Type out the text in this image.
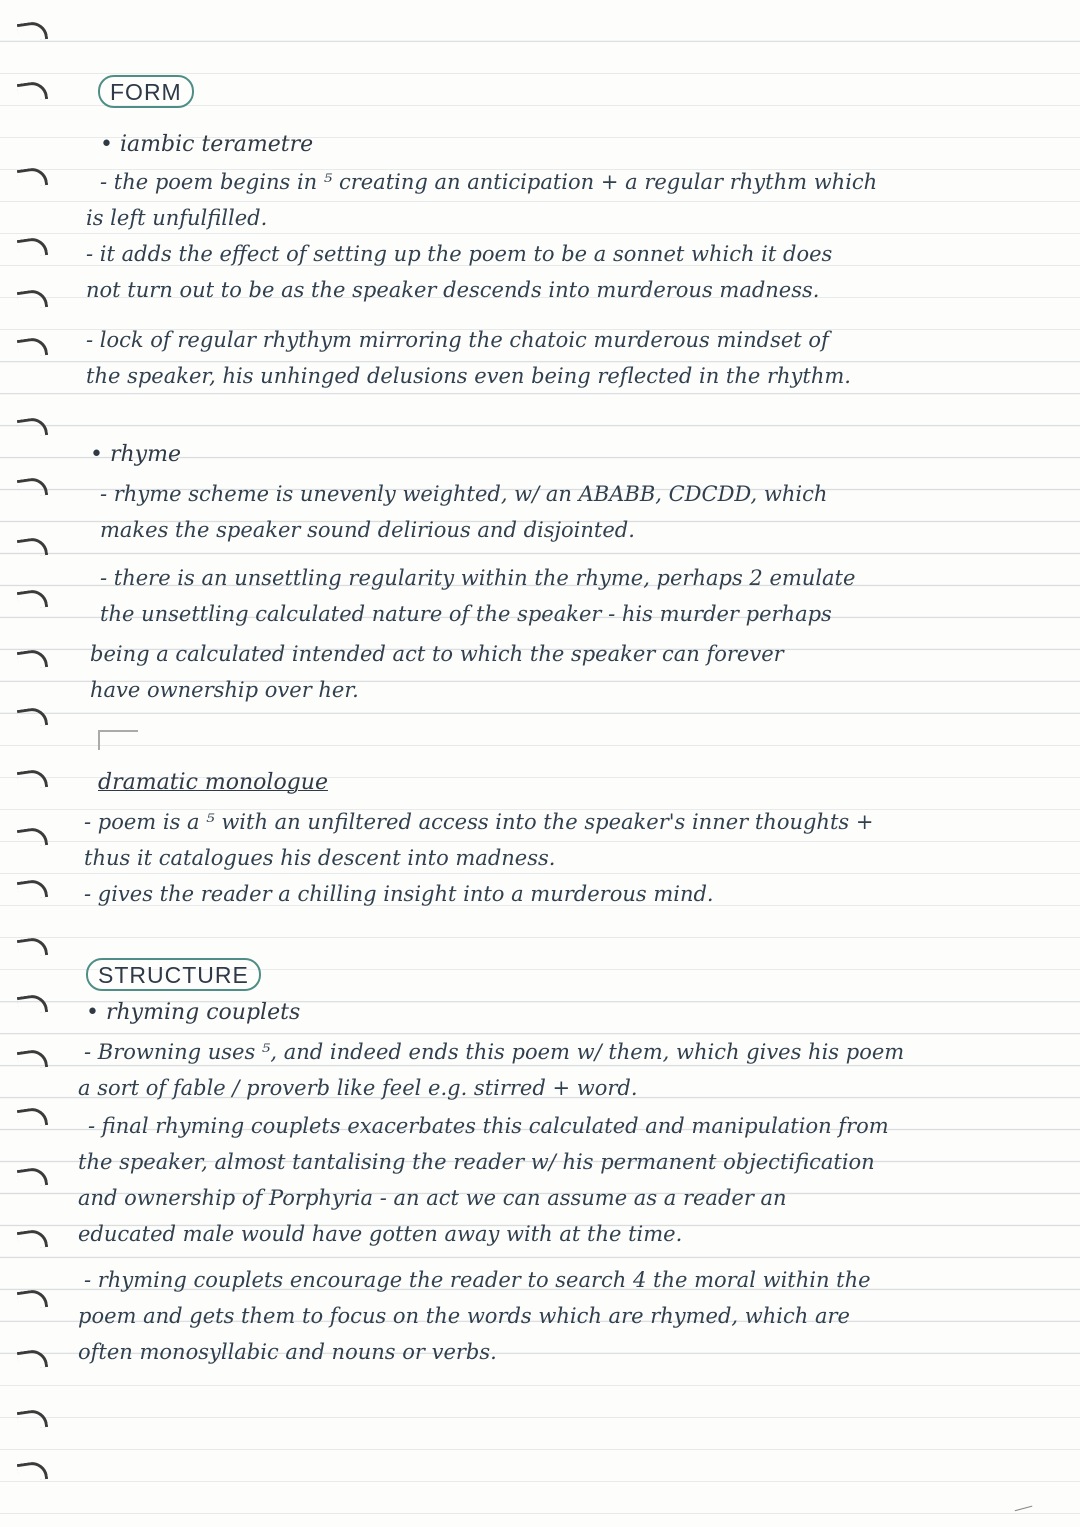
FORM
• iambic terametre
- the poem begins in ⁵ creating an anticipation + a regular rhythm which
is left unfulfilled.
- it adds the effect of setting up the poem to be a sonnet which it does
not turn out to be as the speaker descends into murderous madness.
- lock of regular rhythym mirroring the chatoic murderous mindset of
the speaker, his unhinged delusions even being reflected in the rhythm.
• rhyme
- rhyme scheme is unevenly weighted, w/ an ABABB, CDCDD, which
makes the speaker sound delirious and disjointed.
- there is an unsettling regularity within the rhyme, perhaps 2 emulate
the unsettling calculated nature of the speaker - his murder perhaps
being a calculated intended act to which the speaker can forever
have ownership over her.
dramatic monologue
- poem is a ⁵ with an unfiltered access into the speaker's inner thoughts +
thus it catalogues his descent into madness.
- gives the reader a chilling insight into a murderous mind.
STRUCTURE
• rhyming couplets
- Browning uses ⁵, and indeed ends this poem w/ them, which gives his poem
a sort of fable / proverb like feel e.g. stirred + word.
- final rhyming couplets exacerbates this calculated and manipulation from
the speaker, almost tantalising the reader w/ his permanent objectification
and ownership of Porphyria - an act we can assume as a reader an
educated male would have gotten away with at the time.
- rhyming couplets encourage the reader to search 4 the moral within the
poem and gets them to focus on the words which are rhymed, which are
often monosyllabic and nouns or verbs.
